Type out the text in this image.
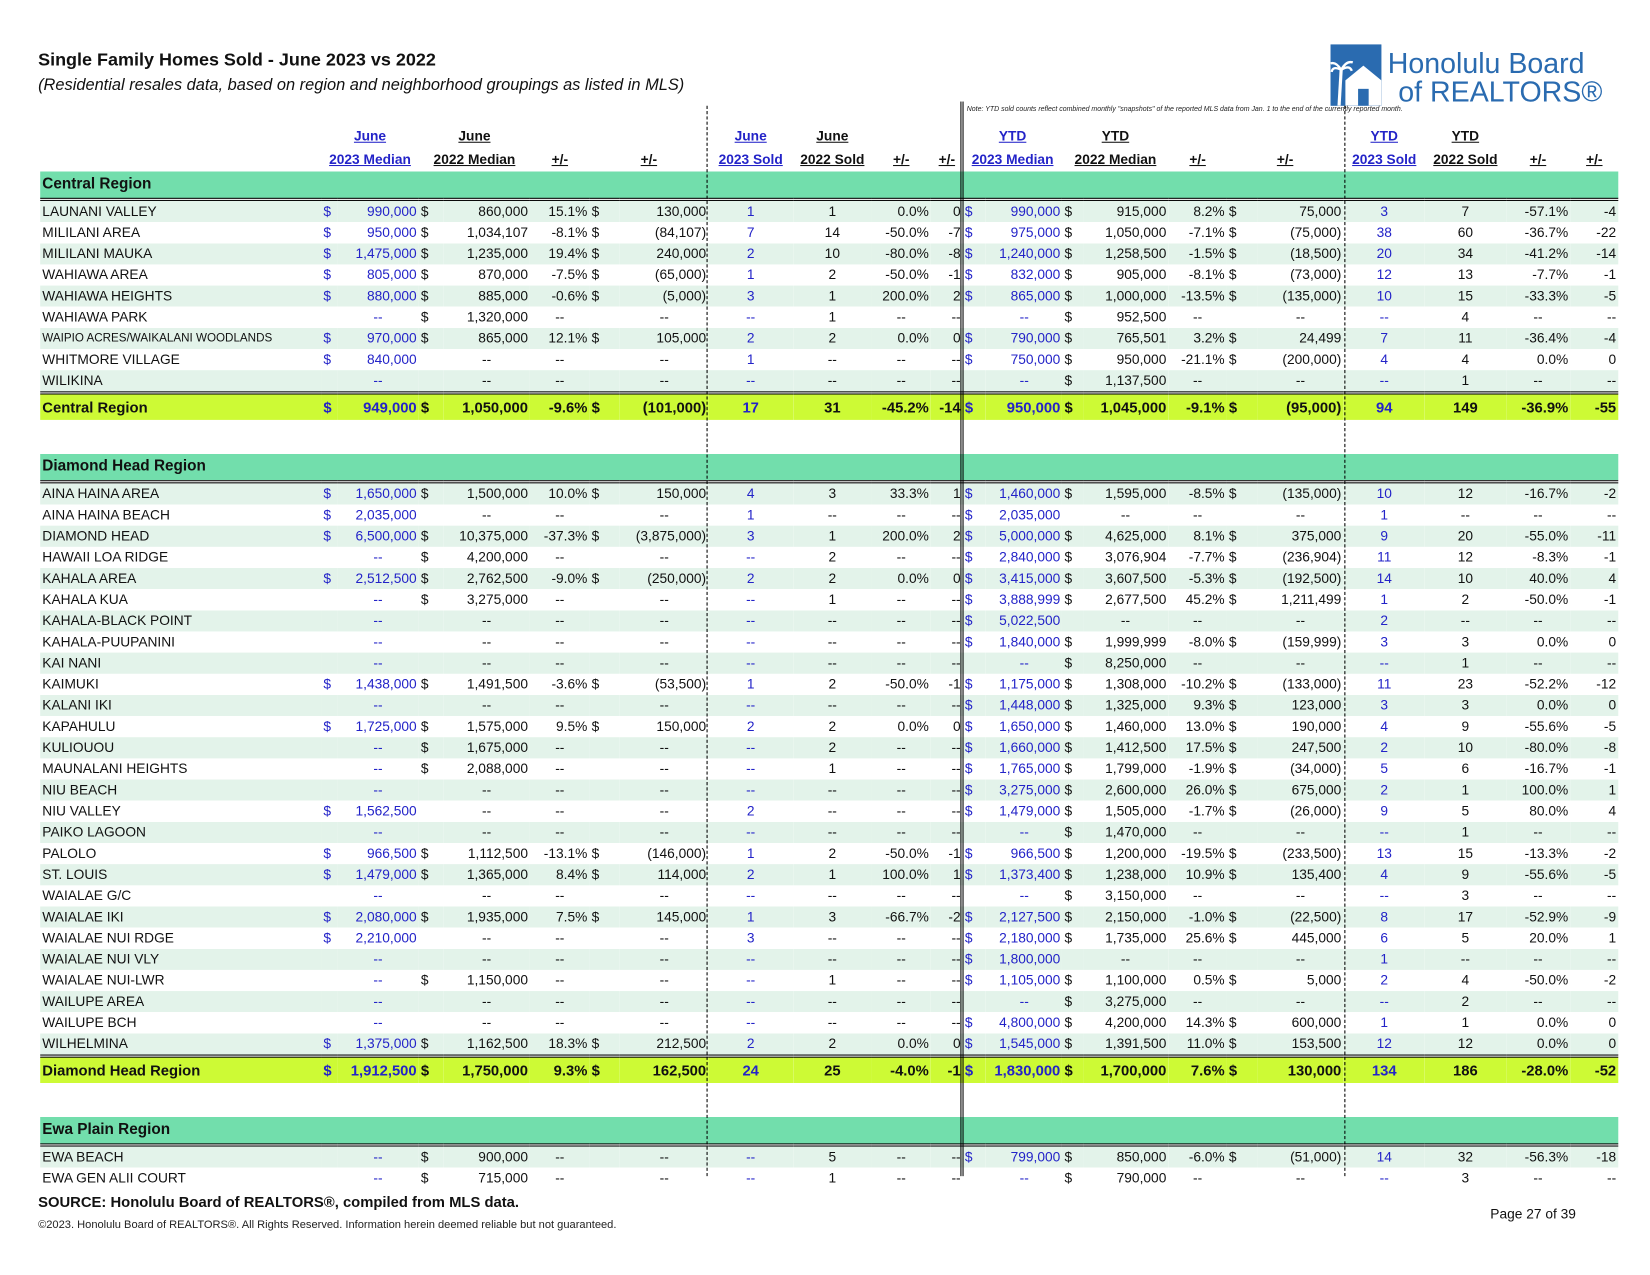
Single Family Homes Sold - June 2023 vs 2022
(Residential resales data, based on region and neighborhood groupings as listed in MLS)
Honolulu Board
of REALTORS®
Note: YTD sold counts reflect combined monthly "snapshots" of the reported MLS data from Jan. 1 to the end of the currently reported month.
	June		June					June	June			YTD		YTD					YTD	YTD		
	2023 Median		2022 Median		+/-	+/-		2023 Sold	2022 Sold	+/-	+/-	2023 Median		2022 Median		+/-	+/-		2023 Sold	2022 Sold	+/-	+/-
Central Region																						
LAUNANI VALLEY	$	990,000	$	860,000	15.1%	$	130,000	1	1	0.0%	0	$	990,000	$	915,000	8.2%	$	75,000	3	7	-57.1%	-4
MILILANI AREA	$	950,000	$	1,034,107	-8.1%	$	(84,107)	7	14	-50.0%	-7	$	975,000	$	1,050,000	-7.1%	$	(75,000)	38	60	-36.7%	-22
MILILANI MAUKA	$	1,475,000	$	1,235,000	19.4%	$	240,000	2	10	-80.0%	-8	$	1,240,000	$	1,258,500	-1.5%	$	(18,500)	20	34	-41.2%	-14
WAHIAWA AREA	$	805,000	$	870,000	-7.5%	$	(65,000)	1	2	-50.0%	-1	$	832,000	$	905,000	-8.1%	$	(73,000)	12	13	-7.7%	-1
WAHIAWA HEIGHTS	$	880,000	$	885,000	-0.6%	$	(5,000)	3	1	200.0%	2	$	865,000	$	1,000,000	-13.5%	$	(135,000)	10	15	-33.3%	-5
WAHIAWA PARK		--	$	1,320,000	--		--	--	1	--	--		--	$	952,500	--		--	--	4	--	--
WAIPIO ACRES/WAIKALANI WOODLANDS	$	970,000	$	865,000	12.1%	$	105,000	2	2	0.0%	0	$	790,000	$	765,501	3.2%	$	24,499	7	11	-36.4%	-4
WHITMORE VILLAGE	$	840,000		--	--		--	1	--	--	--	$	750,000	$	950,000	-21.1%	$	(200,000)	4	4	0.0%	0
WILIKINA		--		--	--		--	--	--	--	--		--	$	1,137,500	--		--	--	1	--	--
Central Region	$	949,000	$	1,050,000	-9.6%	$	(101,000)	17	31	-45.2%	-14	$	950,000	$	1,045,000	-9.1%	$	(95,000)	94	149	-36.9%	-55

Diamond Head Region																						
AINA HAINA AREA	$	1,650,000	$	1,500,000	10.0%	$	150,000	4	3	33.3%	1	$	1,460,000	$	1,595,000	-8.5%	$	(135,000)	10	12	-16.7%	-2
AINA HAINA BEACH	$	2,035,000		--	--		--	1	--	--	--	$	2,035,000		--	--		--	1	--	--	--
DIAMOND HEAD	$	6,500,000	$	10,375,000	-37.3%	$	(3,875,000)	3	1	200.0%	2	$	5,000,000	$	4,625,000	8.1%	$	375,000	9	20	-55.0%	-11
HAWAII LOA RIDGE		--	$	4,200,000	--		--	--	2	--	--	$	2,840,000	$	3,076,904	-7.7%	$	(236,904)	11	12	-8.3%	-1
KAHALA AREA	$	2,512,500	$	2,762,500	-9.0%	$	(250,000)	2	2	0.0%	0	$	3,415,000	$	3,607,500	-5.3%	$	(192,500)	14	10	40.0%	4
KAHALA KUA		--	$	3,275,000	--		--	--	1	--	--	$	3,888,999	$	2,677,500	45.2%	$	1,211,499	1	2	-50.0%	-1
KAHALA-BLACK POINT		--		--	--		--	--	--	--	--	$	5,022,500		--	--		--	2	--	--	--
KAHALA-PUUPANINI		--		--	--		--	--	--	--	--	$	1,840,000	$	1,999,999	-8.0%	$	(159,999)	3	3	0.0%	0
KAI NANI		--		--	--		--	--	--	--	--		--	$	8,250,000	--		--	--	1	--	--
KAIMUKI	$	1,438,000	$	1,491,500	-3.6%	$	(53,500)	1	2	-50.0%	-1	$	1,175,000	$	1,308,000	-10.2%	$	(133,000)	11	23	-52.2%	-12
KALANI IKI		--		--	--		--	--	--	--	--	$	1,448,000	$	1,325,000	9.3%	$	123,000	3	3	0.0%	0
KAPAHULU	$	1,725,000	$	1,575,000	9.5%	$	150,000	2	2	0.0%	0	$	1,650,000	$	1,460,000	13.0%	$	190,000	4	9	-55.6%	-5
KULIOUOU		--	$	1,675,000	--		--	--	2	--	--	$	1,660,000	$	1,412,500	17.5%	$	247,500	2	10	-80.0%	-8
MAUNALANI HEIGHTS		--	$	2,088,000	--		--	--	1	--	--	$	1,765,000	$	1,799,000	-1.9%	$	(34,000)	5	6	-16.7%	-1
NIU BEACH		--		--	--		--	--	--	--	--	$	3,275,000	$	2,600,000	26.0%	$	675,000	2	1	100.0%	1
NIU VALLEY	$	1,562,500		--	--		--	2	--	--	--	$	1,479,000	$	1,505,000	-1.7%	$	(26,000)	9	5	80.0%	4
PAIKO LAGOON		--		--	--		--	--	--	--	--		--	$	1,470,000	--		--	--	1	--	--
PALOLO	$	966,500	$	1,112,500	-13.1%	$	(146,000)	1	2	-50.0%	-1	$	966,500	$	1,200,000	-19.5%	$	(233,500)	13	15	-13.3%	-2
ST. LOUIS	$	1,479,000	$	1,365,000	8.4%	$	114,000	2	1	100.0%	1	$	1,373,400	$	1,238,000	10.9%	$	135,400	4	9	-55.6%	-5
WAIALAE G/C		--		--	--		--	--	--	--	--		--	$	3,150,000	--		--	--	3	--	--
WAIALAE IKI	$	2,080,000	$	1,935,000	7.5%	$	145,000	1	3	-66.7%	-2	$	2,127,500	$	2,150,000	-1.0%	$	(22,500)	8	17	-52.9%	-9
WAIALAE NUI RDGE	$	2,210,000		--	--		--	3	--	--	--	$	2,180,000	$	1,735,000	25.6%	$	445,000	6	5	20.0%	1
WAIALAE NUI VLY		--		--	--		--	--	--	--	--	$	1,800,000		--	--		--	1	--	--	--
WAIALAE NUI-LWR		--	$	1,150,000	--		--	--	1	--	--	$	1,105,000	$	1,100,000	0.5%	$	5,000	2	4	-50.0%	-2
WAILUPE AREA		--		--	--		--	--	--	--	--		--	$	3,275,000	--		--	--	2	--	--
WAILUPE BCH		--		--	--		--	--	--	--	--	$	4,800,000	$	4,200,000	14.3%	$	600,000	1	1	0.0%	0
WILHELMINA	$	1,375,000	$	1,162,500	18.3%	$	212,500	2	2	0.0%	0	$	1,545,000	$	1,391,500	11.0%	$	153,500	12	12	0.0%	0
Diamond Head Region	$	1,912,500	$	1,750,000	9.3%	$	162,500	24	25	-4.0%	-1	$	1,830,000	$	1,700,000	7.6%	$	130,000	134	186	-28.0%	-52

Ewa Plain Region																						
EWA BEACH		--	$	900,000	--		--	--	5	--	--	$	799,000	$	850,000	-6.0%	$	(51,000)	14	32	-56.3%	-18
EWA GEN ALII COURT		--	$	715,000	--		--	--	1	--	--		--	$	790,000	--		--	--	3	--	--
SOURCE: Honolulu Board of REALTORS®, compiled from MLS data.
©2023. Honolulu Board of REALTORS®. All Rights Reserved. Information herein deemed reliable but not guaranteed.
Page 27 of 39
